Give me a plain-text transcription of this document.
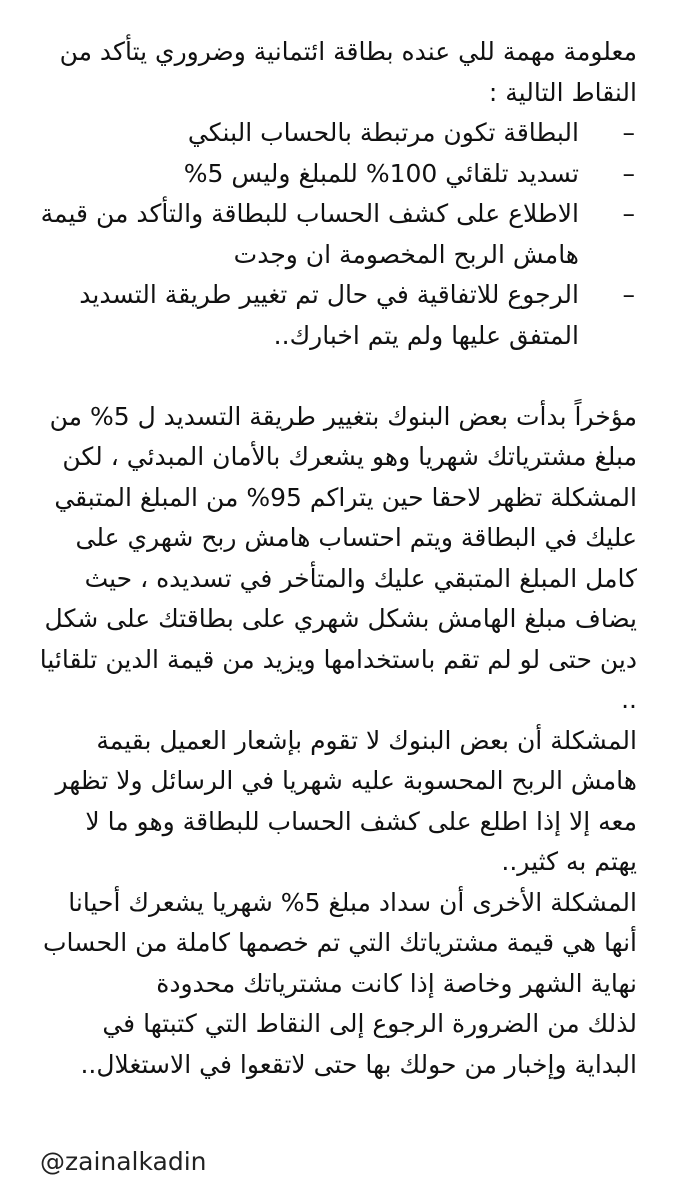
معلومة مهمة للي عنده بطاقة ائتمانية وضروري يتأكد من النقاط التالية :

–
البطاقة تكون مرتبطة بالحساب البنكي
–
تسديد تلقائي 100% للمبلغ وليس 5%
–
الاطلاع على كشف الحساب للبطاقة والتأكد من قيمة هامش الربح المخصومة ان وجدت
–
الرجوع للاتفاقية في حال تم تغيير طريقة التسديد المتفق عليها ولم يتم اخبارك..

مؤخراً بدأت بعض البنوك بتغيير طريقة التسديد ل 5% من مبلغ مشترياتك شهريا وهو يشعرك بالأمان المبدئي ، لكن المشكلة تظهر لاحقا حين يتراكم 95% من المبلغ المتبقي عليك في البطاقة ويتم احتساب هامش ربح شهري على كامل المبلغ المتبقي عليك والمتأخر في تسديده ، حيث يضاف مبلغ الهامش بشكل شهري على بطاقتك على شكل دين حتى لو لم تقم باستخدامها ويزيد من قيمة الدين تلقائيا ..

المشكلة أن بعض البنوك لا تقوم بإشعار العميل بقيمة هامش الربح المحسوبة عليه شهريا في الرسائل ولا تظهر معه إلا إذا اطلع على كشف الحساب للبطاقة وهو ما لا يهتم به كثير..

المشكلة الأخرى أن سداد مبلغ 5% شهريا يشعرك أحيانا أنها هي قيمة مشترياتك التي تم خصمها كاملة من الحساب نهاية الشهر وخاصة إذا كانت مشترياتك محدودة

لذلك من الضرورة الرجوع إلى النقاط التي كتبتها في البداية وإخبار من حولك بها حتى لاتقعوا في الاستغلال..

@zainalkadin
